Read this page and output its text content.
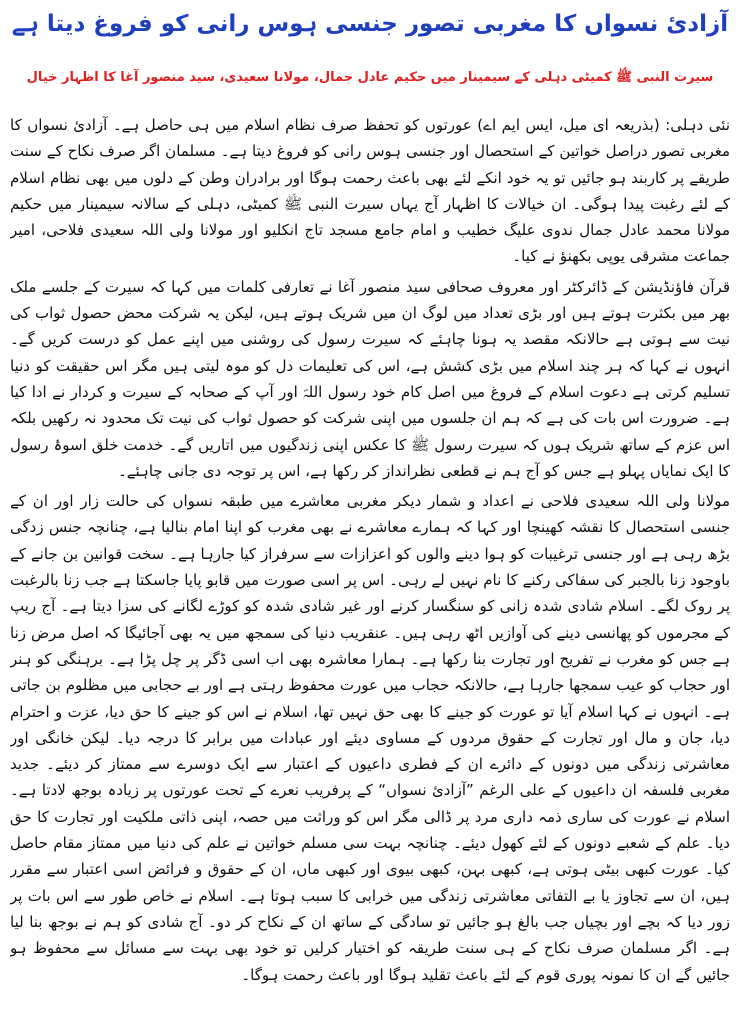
آزادیٔ نسواں کا مغربی تصور جنسی ہوس رانی کو فروغ دیتا ہے
سیرت النبی ﷺ کمیٹی دہلی کے سیمینار میں حکیم عادل جمال، مولانا سعیدی، سید منصور آغا کا اظہار خیال

نئی دہلی: (بذریعہ ای میل، ایس ایم اے) عورتوں کو تحفظ صرف نظام اسلام میں ہی حاصل ہے۔ آزادیٔ نسواں کا مغربی تصور دراصل خواتین کے استحصال اور جنسی ہوس رانی کو فروغ دیتا ہے۔ مسلمان اگر صرف نکاح کے سنت طریقے پر کاربند ہو جائیں تو یہ خود انکے لئے بھی باعث رحمت ہوگا اور برادران وطن کے دلوں میں بھی نظام اسلام کے لئے رغبت پیدا ہوگی۔ ان خیالات کا اظہار آج یہاں سیرت النبی ﷺ کمیٹی، دہلی کے سالانہ سیمینار میں حکیم مولانا محمد عادل جمال ندوی علیگ خطیب و امام جامع مسجد تاج انکلیو اور مولانا ولی اللہ سعیدی فلاحی، امیر جماعت مشرقی یوپی بکھنؤ نے کیا۔

قرآن فاؤنڈیشن کے ڈائرکٹر اور معروف صحافی سید منصور آغا نے تعارفی کلمات میں کہا کہ سیرت کے جلسے ملک بھر میں بکثرت ہوتے ہیں اور بڑی تعداد میں لوگ ان میں شریک ہوتے ہیں، لیکن یہ شرکت محض حصول ثواب کی نیت سے ہوتی ہے حالانکہ مقصد یہ ہونا چاہئے کہ سیرت رسول کی روشنی میں اپنے عمل کو درست کریں گے۔ انہوں نے کہا کہ ہر چند اسلام میں بڑی کشش ہے، اس کی تعلیمات دل کو موہ لیتی ہیں مگر اس حقیقت کو دنیا تسلیم کرتی ہے دعوت اسلام کے فروغ میں اصل کام خود رسول اللہؐ اور آپ کے صحابہ کے سیرت و کردار نے ادا کیا ہے۔ ضرورت اس بات کی ہے کہ ہم ان جلسوں میں اپنی شرکت کو حصول ثواب کی نیت تک محدود نہ رکھیں بلکہ اس عزم کے ساتھ شریک ہوں کہ سیرت رسول ﷺ کا عکس اپنی زندگیوں میں اتاریں گے۔ خدمت خلق اسوۂ رسول کا ایک نمایاں پہلو ہے جس کو آج ہم نے قطعی نظرانداز کر رکھا ہے، اس پر توجہ دی جانی چاہئے۔

مولانا ولی اللہ سعیدی فلاحی نے اعداد و شمار دیکر مغربی معاشرے میں طبقہ نسواں کی حالت زار اور ان کے جنسی استحصال کا نقشہ کھینچا اور کہا کہ ہمارے معاشرے نے بھی مغرب کو اپنا امام بنالیا ہے، چنانچہ جنس زدگی بڑھ رہی ہے اور جنسی ترغیبات کو ہوا دینے والوں کو اعزازات سے سرفراز کیا جارہا ہے۔ سخت قوانین بن جانے کے باوجود زنا بالجبر کی سفاکی رکنے کا نام نہیں لے رہی۔ اس پر اسی صورت میں قابو پایا جاسکتا ہے جب زنا بالرغبت پر روک لگے۔ اسلام شادی شدہ زانی کو سنگسار کرنے اور غیر شادی شدہ کو کوڑے لگانے کی سزا دیتا ہے۔ آج ریپ کے مجرموں کو پھانسی دینے کی آوازیں اٹھ رہی ہیں۔ عنقریب دنیا کی سمجھ میں یہ بھی آجائیگا کہ اصل مرض زنا ہے جس کو مغرب نے تفریح اور تجارت بنا رکھا ہے۔ ہمارا معاشرہ بھی اب اسی ڈگر پر چل پڑا ہے۔ برہنگی کو ہنر اور حجاب کو عیب سمجھا جارہا ہے، حالانکہ حجاب میں عورت محفوظ رہتی ہے اور بے حجابی میں مظلوم بن جاتی ہے۔ انہوں نے کہا اسلام آیا تو عورت کو جینے کا بھی حق نہیں تھا، اسلام نے اس کو جینے کا حق دیا، عزت و احترام دیا، جان و مال اور تجارت کے حقوق مردوں کے مساوی دیئے اور عبادات میں برابر کا درجہ دیا۔ لیکن خانگی اور معاشرتی زندگی میں دونوں کے دائرے ان کے فطری داعیوں کے اعتبار سے ایک دوسرے سے ممتاز کر دیئے۔ جدید مغربی فلسفہ ان داعیوں کے علی الرغم ”آزادیٔ نسواں“ کے پرفریب نعرے کے تحت عورتوں پر زیادہ بوجھ لادتا ہے۔ اسلام نے عورت کی ساری ذمہ داری مرد پر ڈالی مگر اس کو وراثت میں حصہ، اپنی ذاتی ملکیت اور تجارت کا حق دیا۔ علم کے شعبے دونوں کے لئے کھول دیئے۔ چنانچہ بہت سی مسلم خواتین نے علم کی دنیا میں ممتاز مقام حاصل کیا۔ عورت کبھی بیٹی ہوتی ہے، کبھی بہن، کبھی بیوی اور کبھی ماں، ان کے حقوق و فرائض اسی اعتبار سے مقرر ہیں، ان سے تجاوز یا بے التفاتی معاشرتی زندگی میں خرابی کا سبب ہوتا ہے۔ اسلام نے خاص طور سے اس بات پر زور دیا کہ بچے اور بچیاں جب بالغ ہو جائیں تو سادگی کے ساتھ ان کے نکاح کر دو۔ آج شادی کو ہم نے بوجھ بنا لیا ہے۔ اگر مسلمان صرف نکاح کے ہی سنت طریقہ کو اختیار کرلیں تو خود بھی بہت سے مسائل سے محفوظ ہو جائیں گے ان کا نمونہ پوری قوم کے لئے باعث تقلید ہوگا اور باعث رحمت ہوگا۔
